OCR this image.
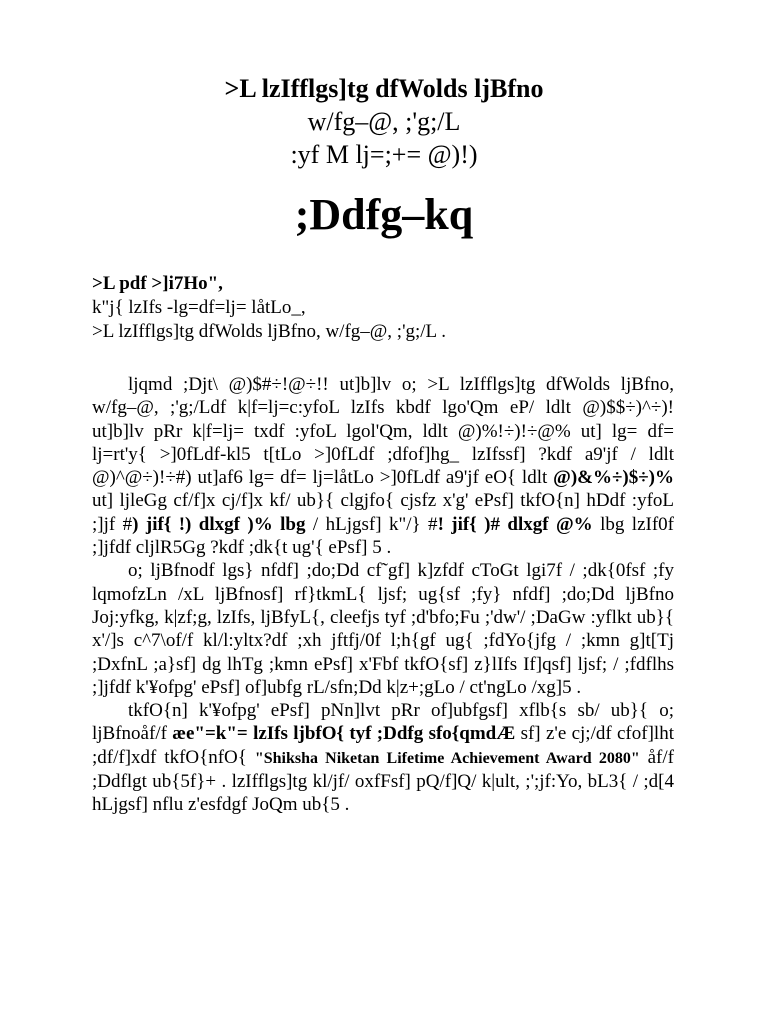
>L lzIfflgs]tg dfWolds ljBfno
w/fg–@, ;'g;/L
:yf M lj=;+= @)!)
;Ddfg–kq
>L pdf >]i7Ho",
k"j{ lzIfs -lg=df=lj= låtLo_,
>L lzIfflgs]tg dfWolds ljBfno, w/fg–@, ;'g;/L .

ljqmd ;Djt\ @)$#÷!@÷!! ut]b]lv o; >L lzIfflgs]tg dfWolds ljBfno, w/fg–@, ;'g;/Ldf k|f=lj=c:yfoL lzIfs kbdf lgo'Qm eP/ ldlt @)$$÷)^÷)! ut]b]lv pRr k|f=lj= txdf :yfoL lgol'Qm, ldlt @)%!÷)!÷@% ut] lg= df= lj=rt'y{ >]0fLdf-kl5 t[tLo >]0fLdf ;dfof]hg_ lzIfssf] ?kdf a9'jf / ldlt @)^@÷)!÷#) ut]af6 lg= df= lj=låtLo >]0fLdf a9'jf eO{ ldlt @)&%÷)$÷)% ut] ljleGg cf/f]x cj/f]x kf/ ub}{ clgjfo{ cjsfz x'g' ePsf] tkfO{n] hDdf :yfoL ;]jf #) jif{ !) dlxgf )% lbg / hLjgsf] k"/} #! jif{ )# dlxgf @% lbg lzIf0f ;]jfdf cljlR5Gg ?kdf ;dk{t ug'{ ePsf] 5 .

o; ljBfnodf lgs} nfdf] ;do;Dd cf˜gf] k]zfdf cToGt lgi7f / ;dk{0fsf ;fy lqmofzLn /xL ljBfnosf] rf}tkmL{ ljsf; ug{sf ;fy} nfdf] ;do;Dd ljBfno Joj:yfkg, k|zf;g, lzIfs, ljBfyL{, cleefjs tyf ;d'bfo;Fu ;'dw'/ ;DaGw :yflkt ub}{ x'/]s c^7\of/f kl/l:yltx?df ;xh jftfj/0f l;h{gf ug{ ;fdYo{jfg / ;kmn g]t[Tj ;DxfnL ;a}sf] dg lhTg ;kmn ePsf] x'Fbf tkfO{sf] z}lIfs If]qsf] ljsf; / ;fdflhs ;]jfdf k'¥ofpg' ePsf] of]ubfg rL/sfn;Dd k|z+;gLo / ct'ngLo /xg]5 .

tkfO{n] k'¥ofpg' ePsf] pNn]lvt pRr of]ubfgsf] xflb{s sb/ ub}{ o; ljBfnoåf/f æe"=k"= lzIfs ljbfO{ tyf ;Ddfg sfo{qmdÆ sf] z'e cj;/df cfof]lht ;df/f]xdf tkfO{nfO{ "Shiksha Niketan Lifetime Achievement Award 2080" åf/f ;Ddflgt ub{5f}+ . lzIfflgs]tg kl/jf/ oxfFsf] pQ/f]Q/ k|ult, ;';jf:Yo, bL3{ / ;d[4 hLjgsf] nflu z'esfdgf JoQm ub{5 .
